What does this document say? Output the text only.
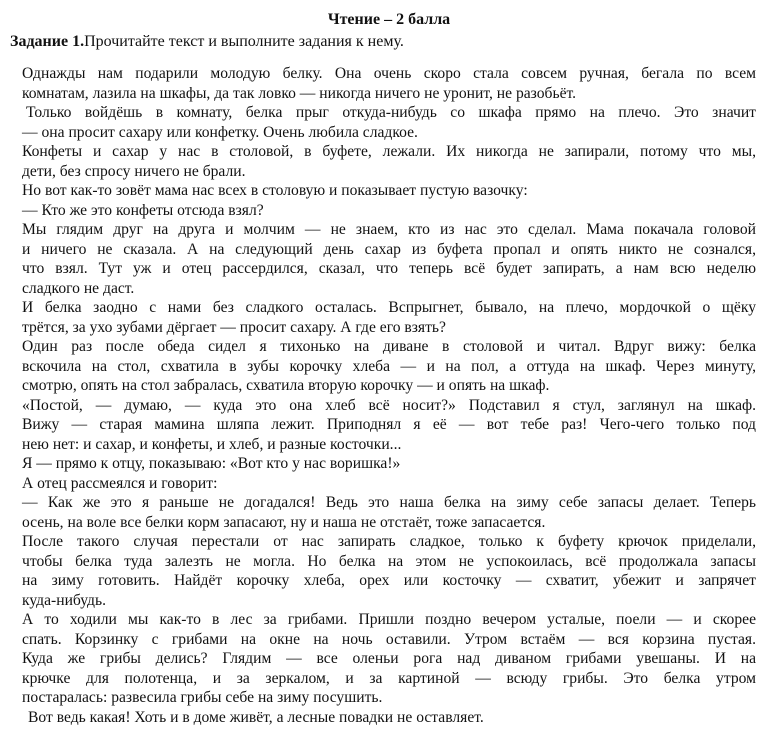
Чтение – 2 балла
Задание 1.Прочитайте текст и выполните задания к нему.
Однажды нам подарили молодую белку. Она очень скоро стала совсем ручная, бегала по всем
комнатам, лазила на шкафы, да так ловко — никогда ничего не уронит, не разобьёт.
Только войдёшь в комнату, белка прыг откуда-нибудь со шкафа прямо на плечо. Это значит
— она просит сахару или конфетку. Очень любила сладкое.
Конфеты и сахар у нас в столовой, в буфете, лежали. Их никогда не запирали, потому что мы,
дети, без спросу ничего не брали.
Но вот как-то зовёт мама нас всех в столовую и показывает пустую вазочку:
— Кто же это конфеты отсюда взял?
Мы глядим друг на друга и молчим — не знаем, кто из нас это сделал. Мама покачала головой
и ничего не сказала. А на следующий день сахар из буфета пропал и опять никто не сознался,
что взял. Тут уж и отец рассердился, сказал, что теперь всё будет запирать, а нам всю неделю
сладкого не даст.
И белка заодно с нами без сладкого осталась. Вспрыгнет, бывало, на плечо, мордочкой о щёку
трётся, за ухо зубами дёргает — просит сахару. А где его взять?
Один раз после обеда сидел я тихонько на диване в столовой и читал. Вдруг вижу: белка
вскочила на стол, схватила в зубы корочку хлеба — и на пол, а оттуда на шкаф. Через минуту,
смотрю, опять на стол забралась, схватила вторую корочку — и опять на шкаф.
«Постой, — думаю, — куда это она хлеб всё носит?» Подставил я стул, заглянул на шкаф.
Вижу — старая мамина шляпа лежит. Приподнял я её — вот тебе раз! Чего-чего только под
нею нет: и сахар, и конфеты, и хлеб, и разные косточки...
Я — прямо к отцу, показываю: «Вот кто у нас воришка!»
А отец рассмеялся и говорит:
— Как же это я раньше не догадался! Ведь это наша белка на зиму себе запасы делает. Теперь
осень, на воле все белки корм запасают, ну и наша не отстаёт, тоже запасается.
После такого случая перестали от нас запирать сладкое, только к буфету крючок приделали,
чтобы белка туда залезть не могла. Но белка на этом не успокоилась, всё продолжала запасы
на зиму готовить. Найдёт корочку хлеба, орех или косточку — схватит, убежит и запрячет
куда-нибудь.
А то ходили мы как-то в лес за грибами. Пришли поздно вечером усталые, поели — и скорее
спать. Корзинку с грибами на окне на ночь оставили. Утром встаём — вся корзина пустая.
Куда же грибы делись? Глядим — все оленьи рога над диваном грибами увешаны. И на
крючке для полотенца, и за зеркалом, и за картиной — всюду грибы. Это белка утром
постаралась: развесила грибы себе на зиму посушить.
Вот ведь какая! Хоть и в доме живёт, а лесные повадки не оставляет.
